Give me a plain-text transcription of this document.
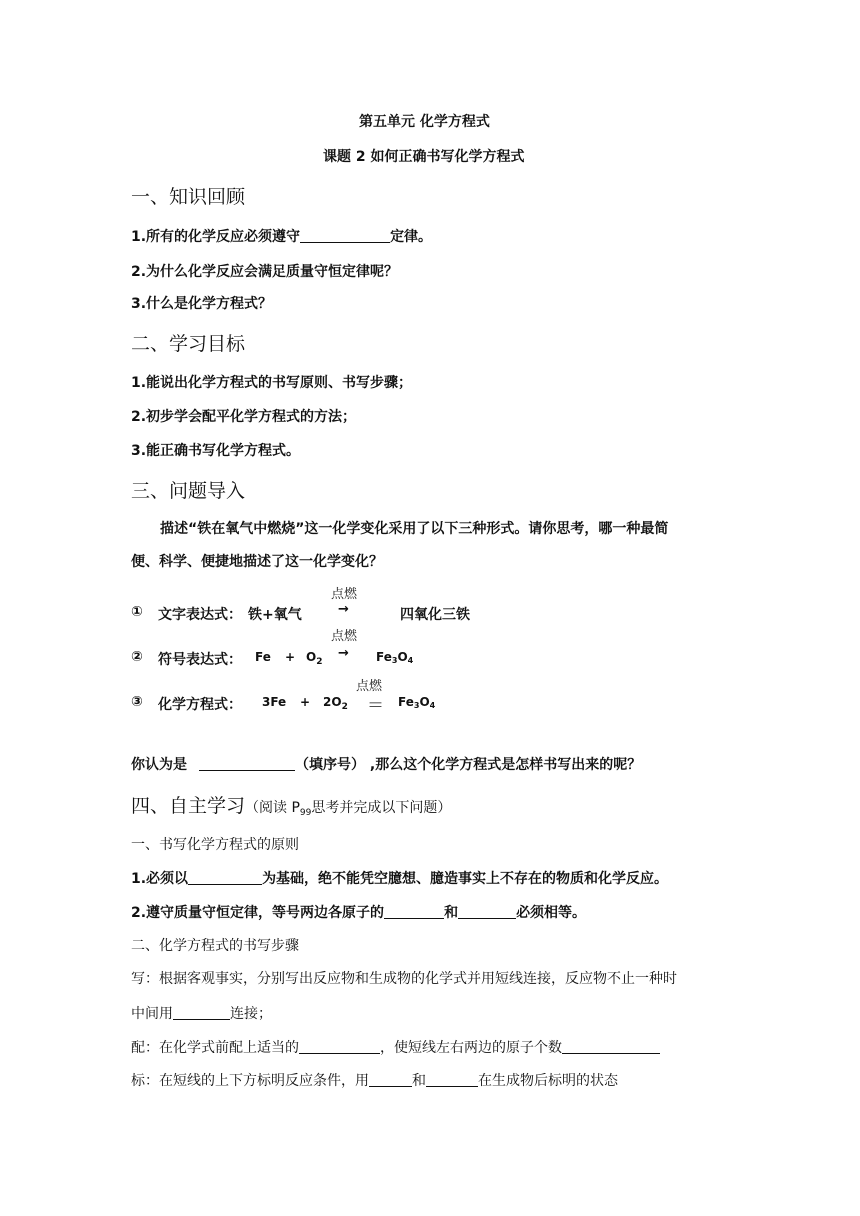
第五单元 化学方程式
课题 2 如何正确书写化学方程式
一、知识回顾
1.所有的化学反应必须遵守	定律。
2.为什么化学反应会满足质量守恒定律呢？
3.什么是化学方程式？
二、学习目标
1.能说出化学方程式的书写原则、书写步骤；
2.初步学会配平化学方程式的方法；
3.能正确书写化学方程式。
三、问题导入
描述“铁在氧气中燃烧”这一化学变化采用了以下三种形式。请你思考，哪一种最简
便、科学、便捷地描述了这一化学变化？
点燃
① 文字表达式： 铁+氧气	→	四氧化三铁
点燃
② 符号表达式： $Fe + O_2$
→ Fe3O4
点燃
③ 化学方程式： $3Fe + 2O_2 = Fe3O4$
你认为是	（填序号） ,那么这个化学方程式是怎样书写出来的呢？
四、自主学习（阅读 $P_{99}$思考并完成以下问题）
一、书写化学方程式的原则
1.必须以	为基础，绝不能凭空臆想、臆造事实上不存在的物质和化学反应。
2.遵守质量守恒定律，等号两边各原子的	和	必须相等。
二、化学方程式的书写步骤
写：根据客观事实，分别写出反应物和生成物的化学式并用短线连接，反应物不止一种时
中间用	连接；
配：在化学式前配上适当的	，使短线左右两边的原子个数
标：在短线的上下方标明反应条件，用	和	在生成物后标明的状态
